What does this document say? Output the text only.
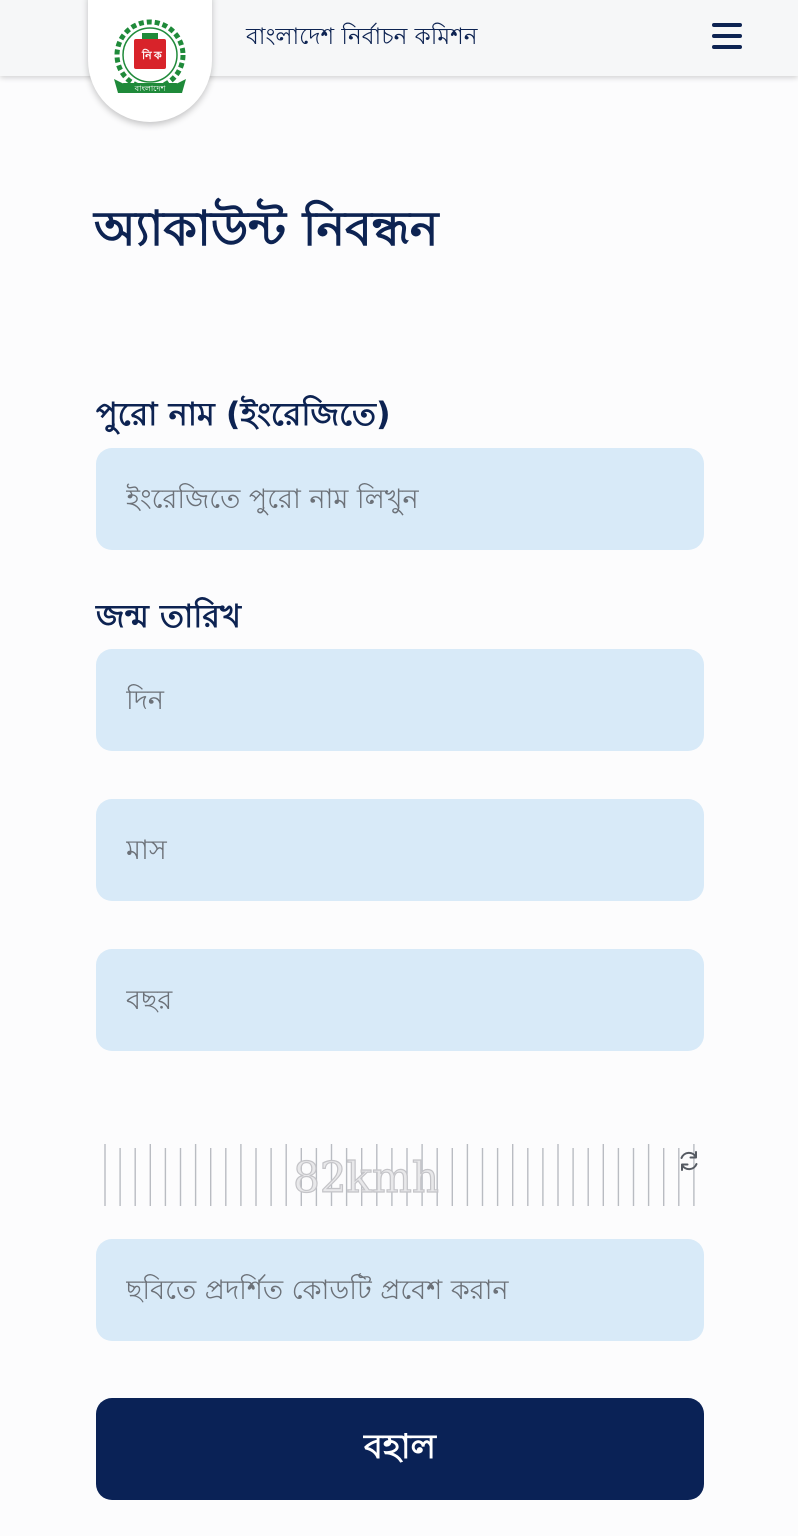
বাংলাদেশ নির্বাচন কমিশন
নি ক
বাংলাদেশ
অ্যাকাউন্ট নিবন্ধন
পুরো নাম (ইংরেজিতে)
ইংরেজিতে পুরো নাম লিখুন
জন্ম তারিখ
দিন
মাস
বছর
82kmh
ছবিতে প্রদর্শিত কোডটি প্রবেশ করান
বহাল
